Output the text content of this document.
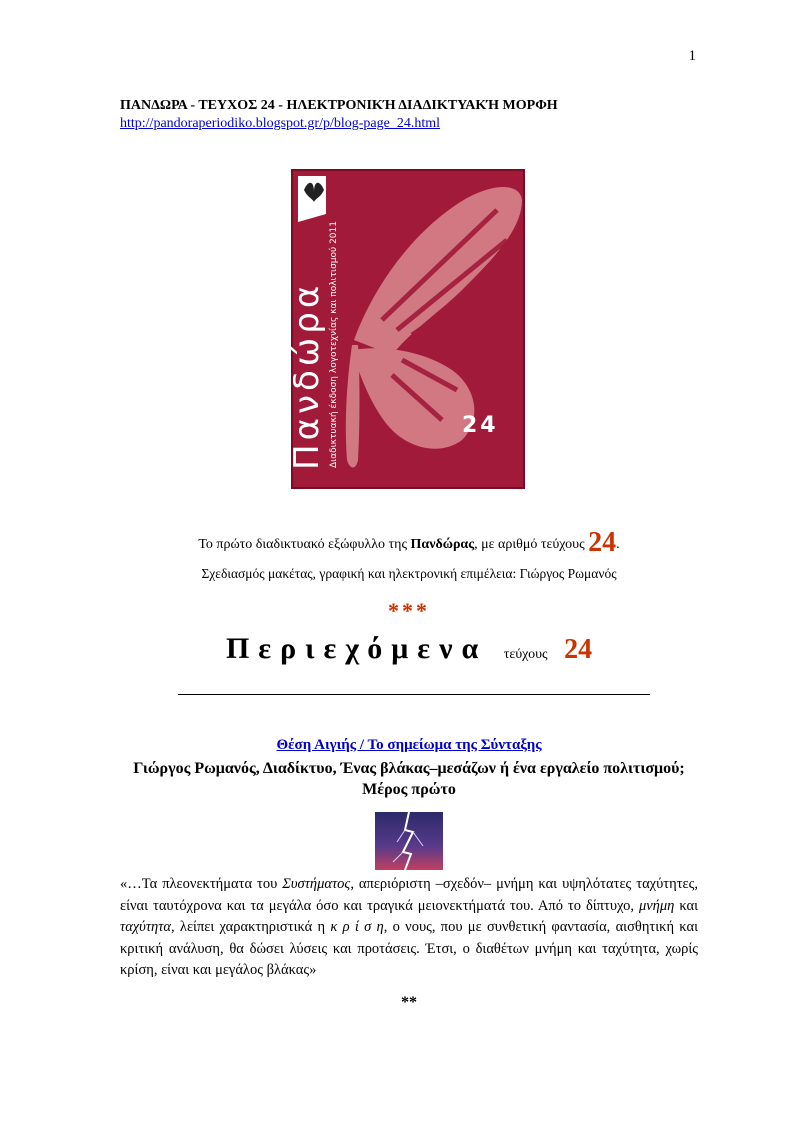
1
ΠΑΝΔΩΡΑ - ΤΕΥΧΟΣ 24 - ΗΛΕΚΤΡΟΝΙΚΉ ΔΙΑΔΙΚΤΥΑΚΉ ΜΟΡΦΗ
http://pandoraperiodiko.blogspot.gr/p/blog-page_24.html
Πανδώρα Διαδικτυακή έκδοση λογοτεχνίας και πολιτισμού 2011	24
Το πρώτο διαδικτυακό εξώφυλλο της Πανδώρας, με αριθμό τεύχους 24.
Σχεδιασμός μακέτας, γραφική και ηλεκτρονική επιμέλεια: Γιώργος Ρωμανός
***
Περιεχόμενα τεύχους 24
Θέση Αιγιής / Το σημείωμα της Σύνταξης
Γιώργος Ρωμανός, Διαδίκτυο, Ένας βλάκας–μεσάζων ή ένα εργαλείο πολιτισμού; Μέρος πρώτο
«…Τα πλεονεκτήματα του Συστήματος, απεριόριστη –σχεδόν– μνήμη και υψηλότατες ταχύτητες, είναι ταυτόχρονα και τα μεγάλα όσο και τραγικά μειονεκτήματά του. Από το δίπτυχο, μνήμη και ταχύτητα, λείπει χαρακτηριστικά η κ ρ ί σ η, ο νους, που με συνθετική φαντασία, αισθητική και κριτική ανάλυση, θα δώσει λύσεις και προτάσεις. Έτσι, ο διαθέτων μνήμη και ταχύτητα, χωρίς κρίση, είναι και μεγάλος βλάκας»
**
